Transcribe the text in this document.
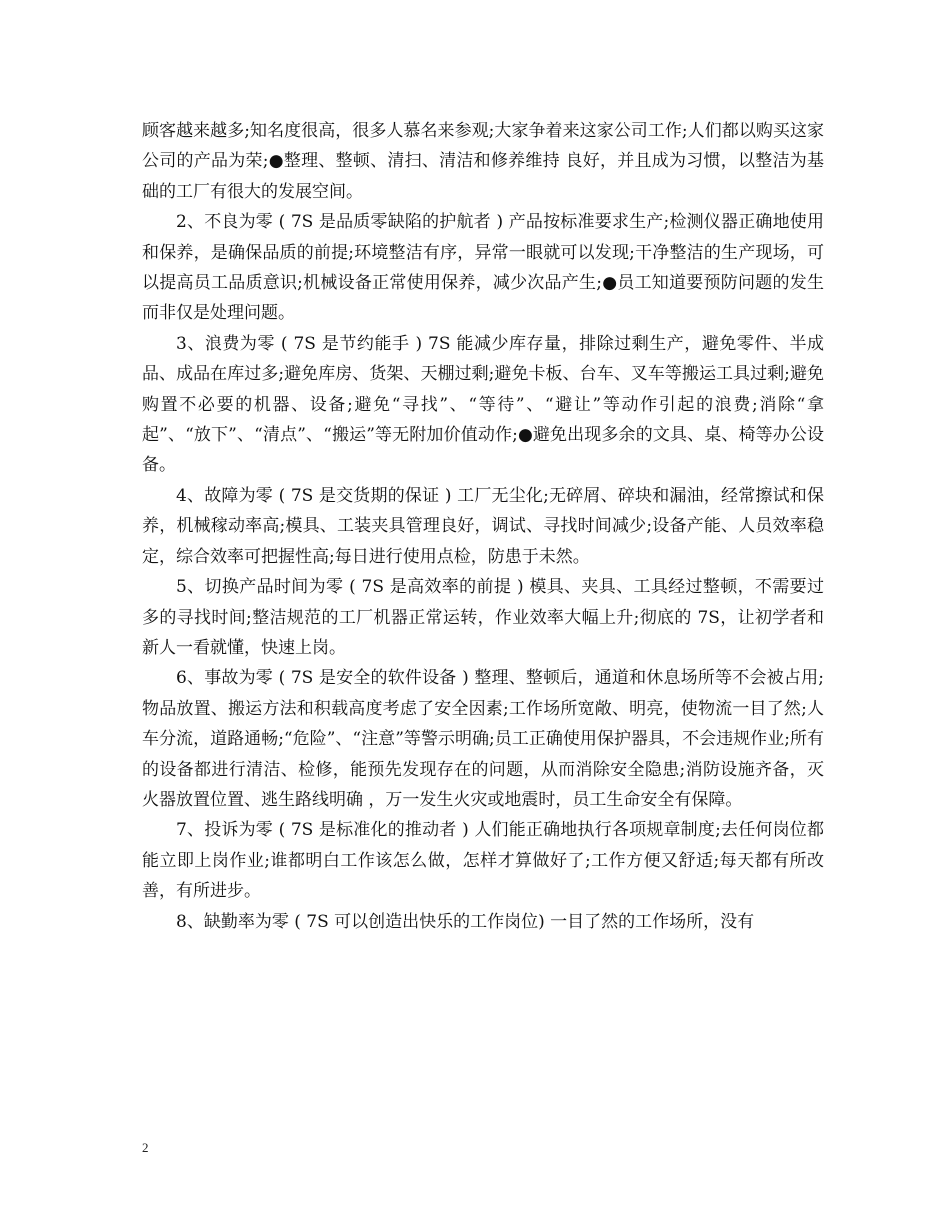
顾客越来越多;知名度很高，很多人慕名来参观;大家争着来这家公司工作;人们都以购买这家公司的产品为荣;●整理、整顿、清扫、清洁和修养维持 良好，并且成为习惯，以整洁为基础的工厂有很大的发展空间。

2、不良为零 ( 7S 是品质零缺陷的护航者 ) 产品按标准要求生产;检测仪器正确地使用和保养，是确保品质的前提;环境整洁有序，异常一眼就可以发现;干净整洁的生产现场，可以提高员工品质意识;机械设备正常使用保养，减少次品产生;●员工知道要预防问题的发生而非仅是处理问题。

3、浪费为零 ( 7S 是节约能手 ) 7S 能减少库存量，排除过剩生产，避免零件、半成品、成品在库过多;避免库房、货架、天棚过剩;避免卡板、台车、叉车等搬运工具过剩;避免购置不必要的机器、设备;避免“寻找”、“等待”、“避让”等动作引起的浪费;消除“拿起”、“放下”、“清点”、“搬运”等无附加价值动作;●避免出现多余的文具、桌、椅等办公设备。

4、故障为零 ( 7S 是交货期的保证 ) 工厂无尘化;无碎屑、碎块和漏油，经常擦试和保养，机械稼动率高;模具、工装夹具管理良好，调试、寻找时间减少;设备产能、人员效率稳定，综合效率可把握性高;每日进行使用点检，防患于未然。

5、切换产品时间为零 ( 7S 是高效率的前提 ) 模具、夹具、工具经过整顿，不需要过多的寻找时间;整洁规范的工厂机器正常运转，作业效率大幅上升;彻底的 7S，让初学者和新人一看就懂，快速上岗。

6、事故为零 ( 7S 是安全的软件设备 ) 整理、整顿后，通道和休息场所等不会被占用;物品放置、搬运方法和积载高度考虑了安全因素;工作场所宽敞、明亮，使物流一目了然;人车分流，道路通畅;“危险”、“注意”等警示明确;员工正确使用保护器具，不会违规作业;所有的设备都进行清洁、检修，能预先发现存在的问题，从而消除安全隐患;消防设施齐备，灭火器放置位置、逃生路线明确 ，万一发生火灾或地震时，员工生命安全有保障。

7、投诉为零 ( 7S 是标准化的推动者 ) 人们能正确地执行各项规章制度;去任何岗位都能立即上岗作业;谁都明白工作该怎么做，怎样才算做好了;工作方便又舒适;每天都有所改善，有所进步。

8、缺勤率为零 ( 7S 可以创造出快乐的工作岗位) 一目了然的工作场所，没有

2
